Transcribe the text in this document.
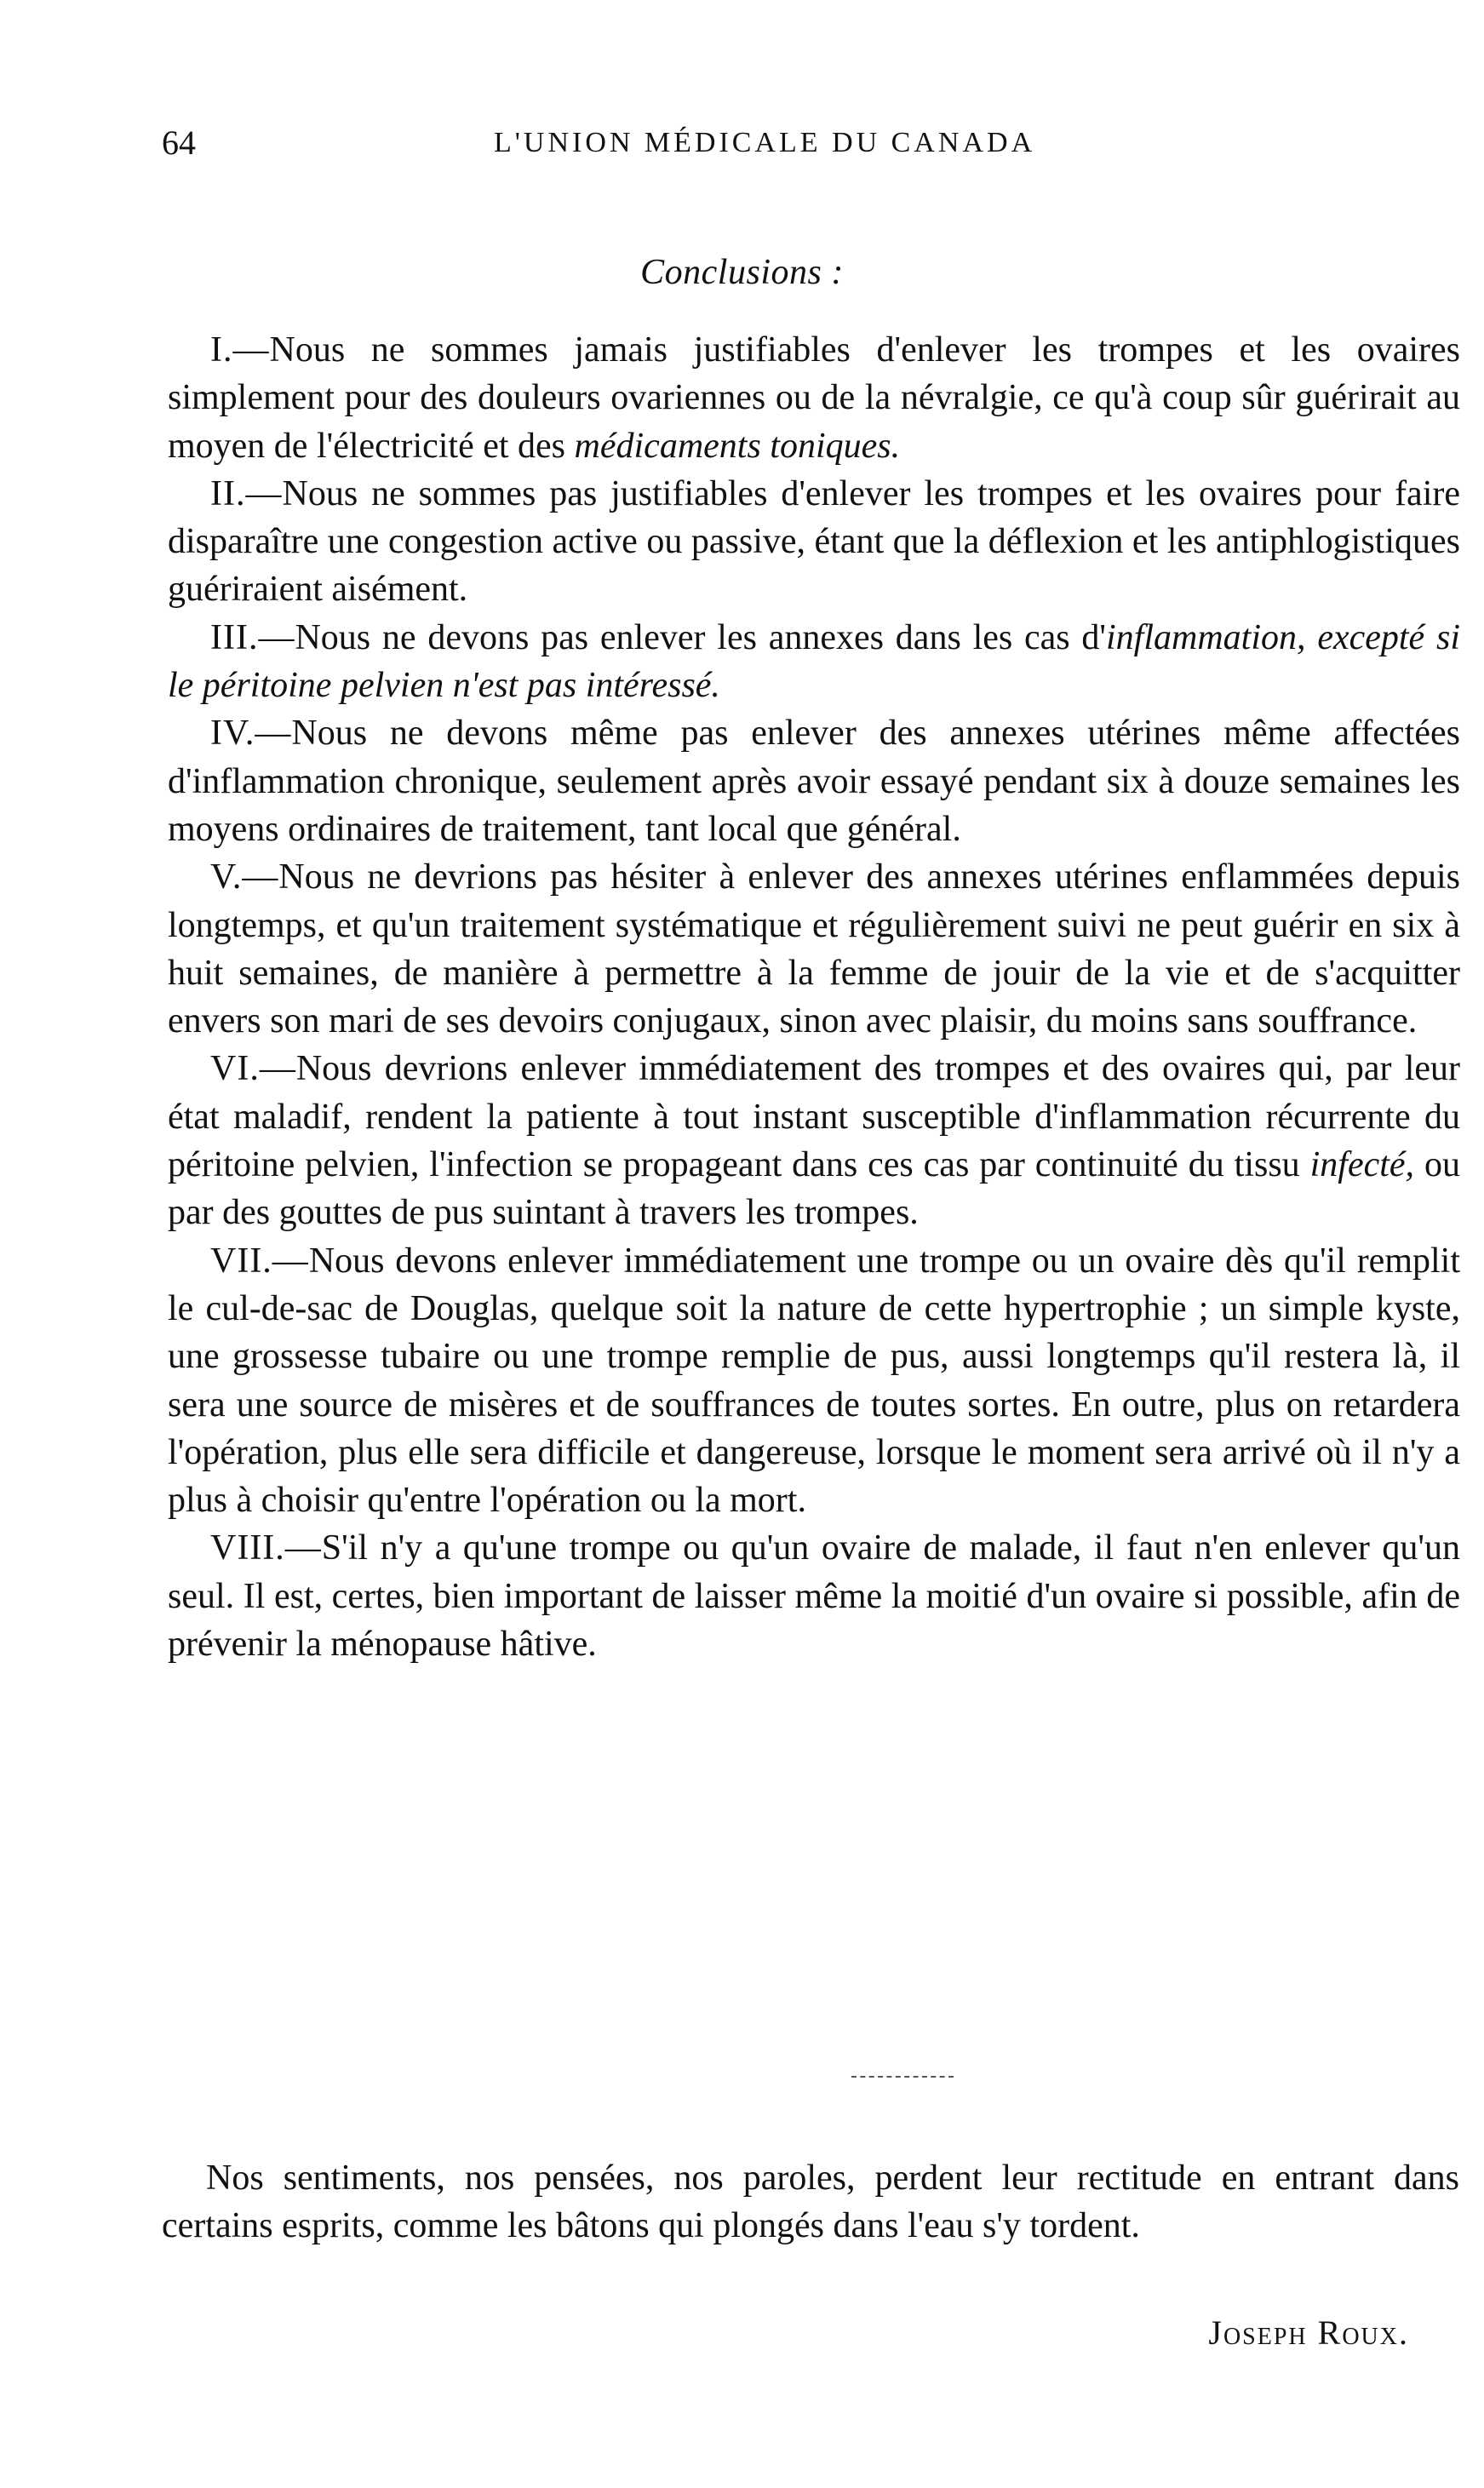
64	L'UNION MÉDICALE DU CANADA
Conclusions :

I.—Nous ne sommes jamais justifiables d'enlever les trompes et les ovaires simplement pour des douleurs ovariennes ou de la névralgie, ce qu'à coup sûr guérirait au moyen de l'électricité et des médicaments toniques.

II.—Nous ne sommes pas justifiables d'enlever les trompes et les ovaires pour faire disparaître une congestion active ou passive, étant que la déflexion et les antiphlogistiques guériraient aisément.

III.—Nous ne devons pas enlever les annexes dans les cas d'inflammation, excepté si le péritoine pelvien n'est pas intéressé.

IV.—Nous ne devons même pas enlever des annexes utérines même affectées d'inflammation chronique, seulement après avoir essayé pendant six à douze semaines les moyens ordinaires de traitement, tant local que général.

V.—Nous ne devrions pas hésiter à enlever des annexes utérines enflammées depuis longtemps, et qu'un traitement systématique et régulièrement suivi ne peut guérir en six à huit semaines, de manière à permettre à la femme de jouir de la vie et de s'acquitter envers son mari de ses devoirs conjugaux, sinon avec plaisir, du moins sans souffrance.

VI.—Nous devrions enlever immédiatement des trompes et des ovaires qui, par leur état maladif, rendent la patiente à tout instant susceptible d'inflammation récurrente du péritoine pelvien, l'infection se propageant dans ces cas par continuité du tissu infecté, ou par des gouttes de pus suintant à travers les trompes.

VII.—Nous devons enlever immédiatement une trompe ou un ovaire dès qu'il remplit le cul-de-sac de Douglas, quelque soit la nature de cette hypertrophie ; un simple kyste, une grossesse tubaire ou une trompe remplie de pus, aussi longtemps qu'il restera là, il sera une source de misères et de souffrances de toutes sortes. En outre, plus on retardera l'opération, plus elle sera difficile et dangereuse, lorsque le moment sera arrivé où il n'y a plus à choisir qu'entre l'opération ou la mort.

VIII.—S'il n'y a qu'une trompe ou qu'un ovaire de malade, il faut n'en enlever qu'un seul. Il est, certes, bien important de laisser même la moitié d'un ovaire si possible, afin de prévenir la ménopause hâtive.

Nos sentiments, nos pensées, nos paroles, perdent leur rectitude en entrant dans certains esprits, comme les bâtons qui plongés dans l'eau s'y tordent.

Joseph Roux.
